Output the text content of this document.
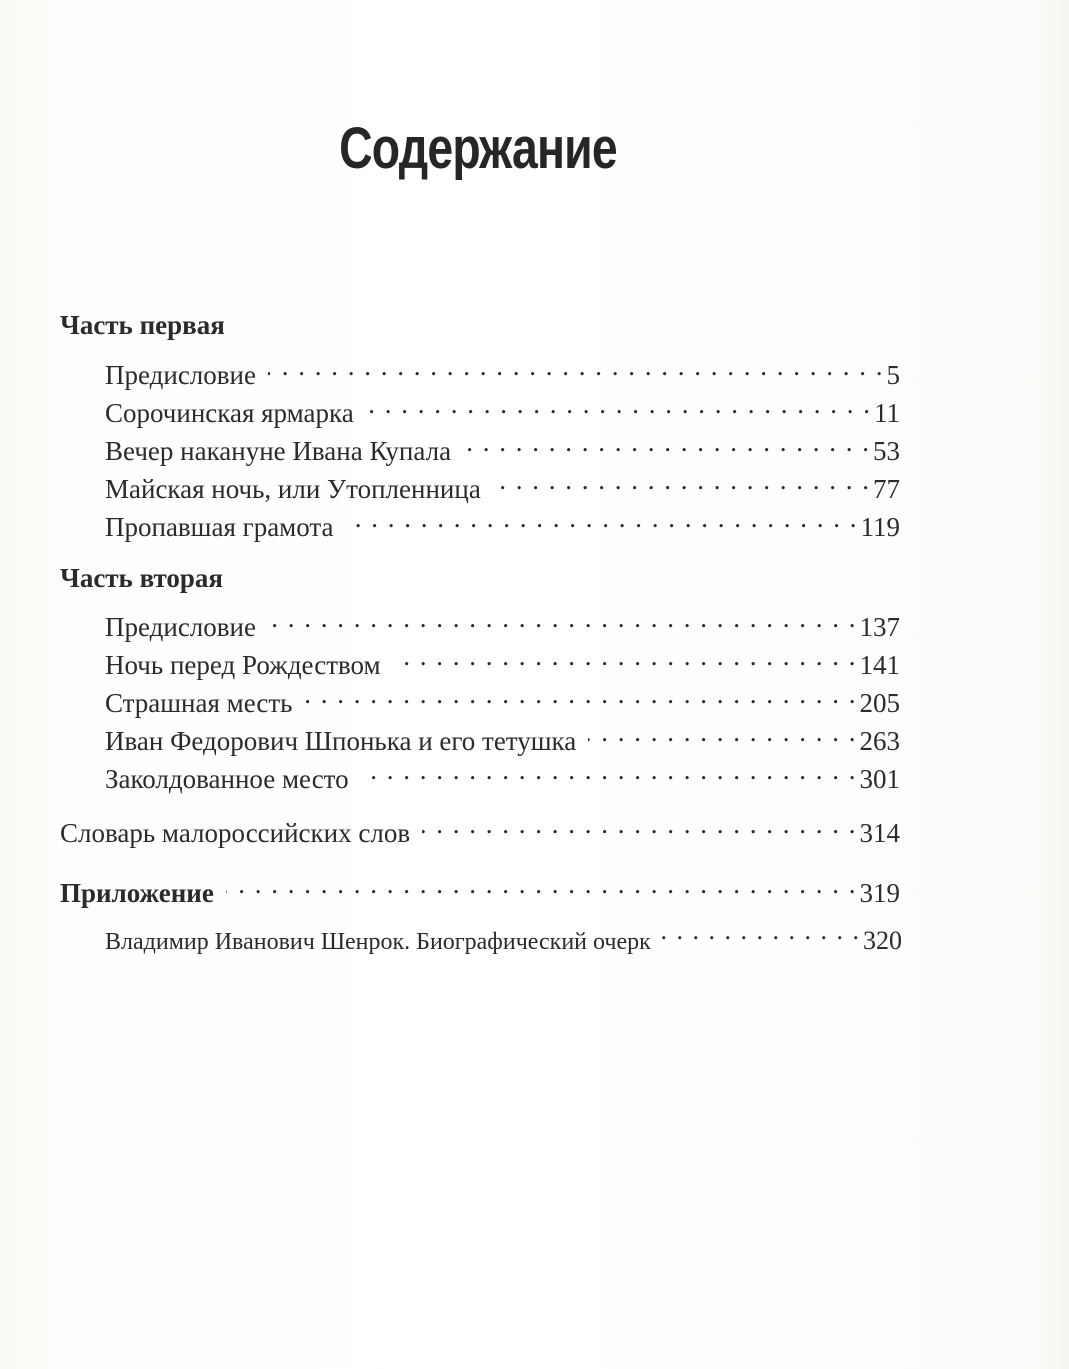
Содержание
Часть первая
Предисловие . . .	5
Сорочинская ярмарка . . .	11
Вечер накануне Ивана Купала . . .	53
Майская ночь, или Утопленница . . .	77
Пропавшая грамота . . .	119
Часть вторая
Предисловие . . .	137
Ночь перед Рождеством . . .	141
Страшная месть . . .	205
Иван Федорович Шпонька и его тетушка . . .	263
Заколдованное место . . .	301
Словарь малороссийских слов . . .	314
Приложение . . .	319
Владимир Иванович Шенрок. Биографический очерк . . .	320
